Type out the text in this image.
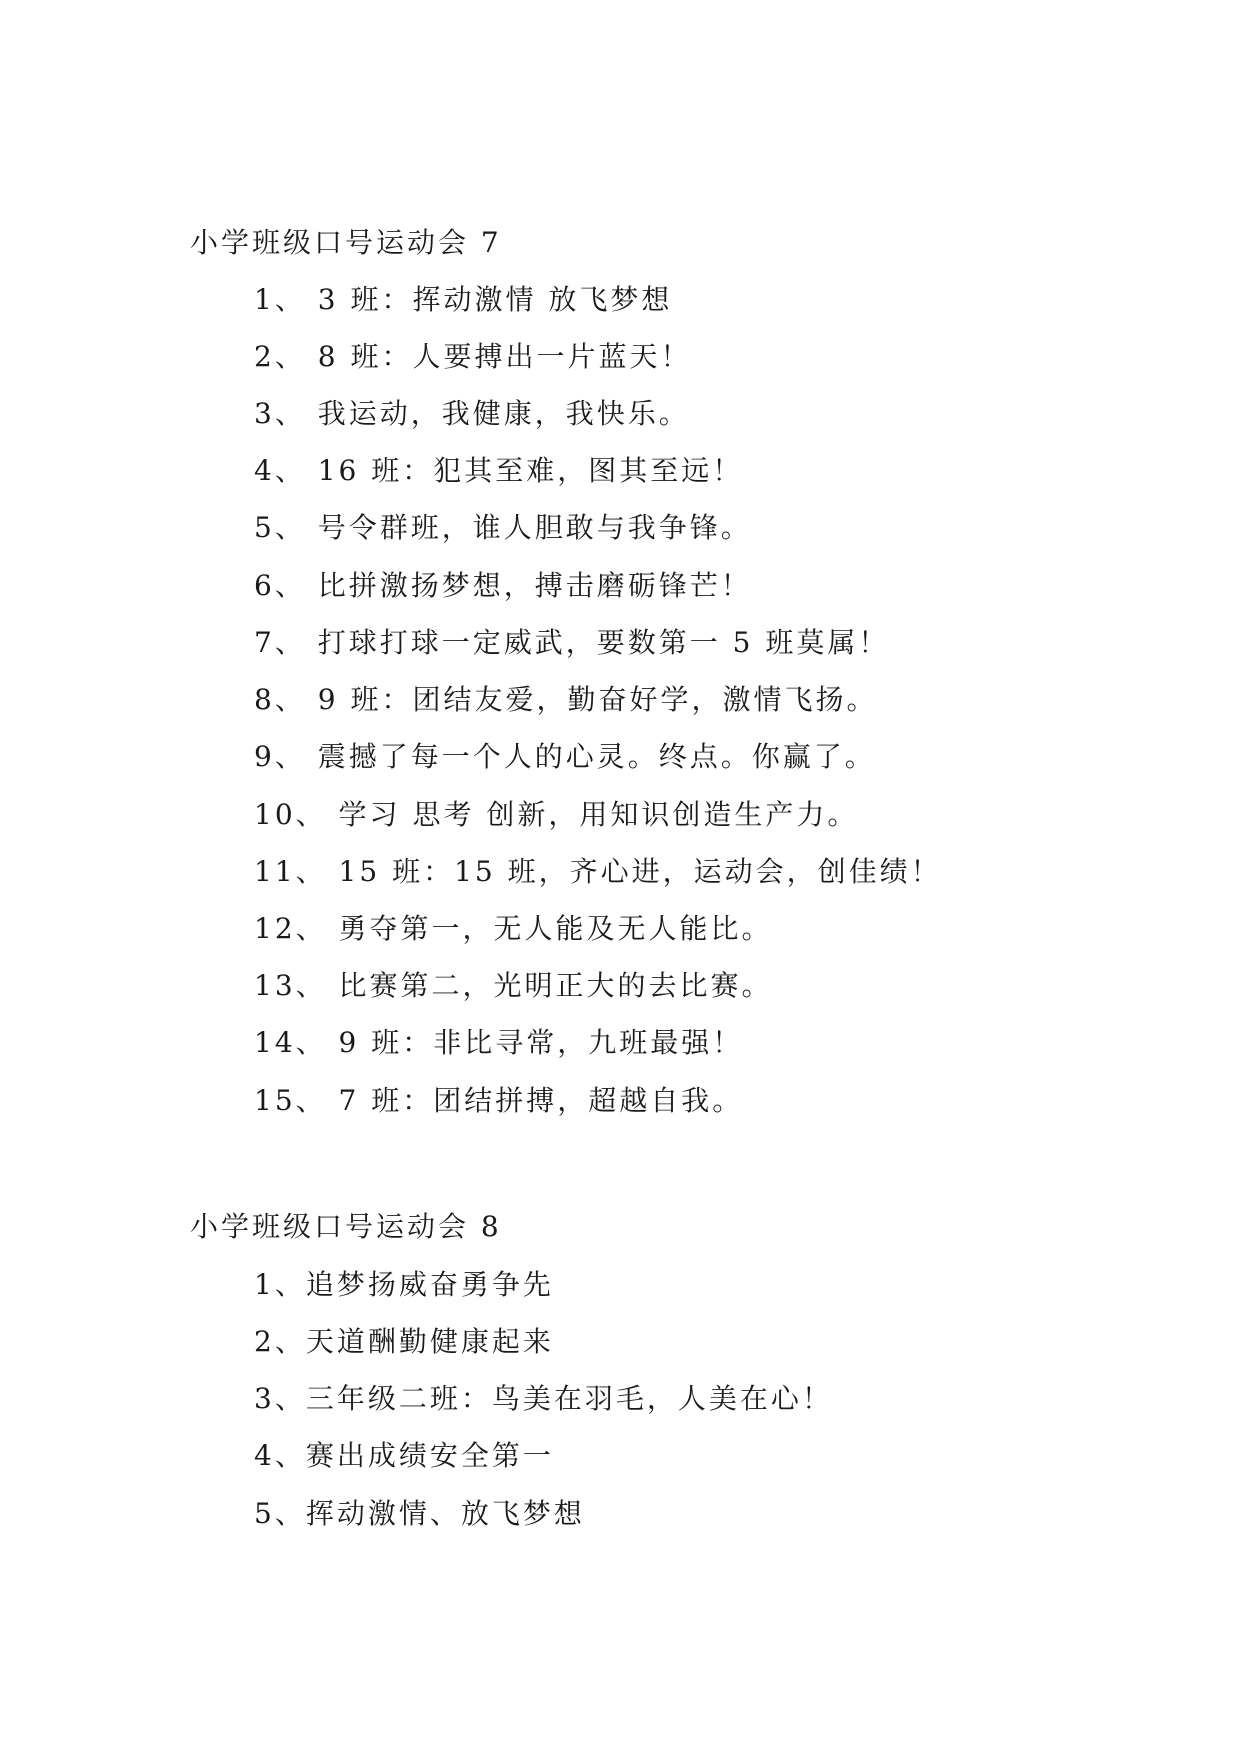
小学班级口号运动会 7
1、 3 班：挥动激情 放飞梦想
2、 8 班：人要搏出一片蓝天！
3、 我运动，我健康，我快乐。
4、 16 班：犯其至难，图其至远！
5、 号令群班，谁人胆敢与我争锋。
6、 比拼激扬梦想，搏击磨砺锋芒！
7、 打球打球一定威武，要数第一 5 班莫属！
8、 9 班：团结友爱，勤奋好学，激情飞扬。
9、 震撼了每一个人的心灵。终点。你赢了。
10、 学习 思考 创新，用知识创造生产力。
11、 15 班：15 班，齐心进，运动会，创佳绩！
12、 勇夺第一，无人能及无人能比。
13、 比赛第二，光明正大的去比赛。
14、 9 班：非比寻常，九班最强！
15、 7 班：团结拼搏，超越自我。
小学班级口号运动会 8
1、追梦扬威奋勇争先
2、天道酬勤健康起来
3、三年级二班：鸟美在羽毛，人美在心！
4、赛出成绩安全第一
5、挥动激情、放飞梦想
